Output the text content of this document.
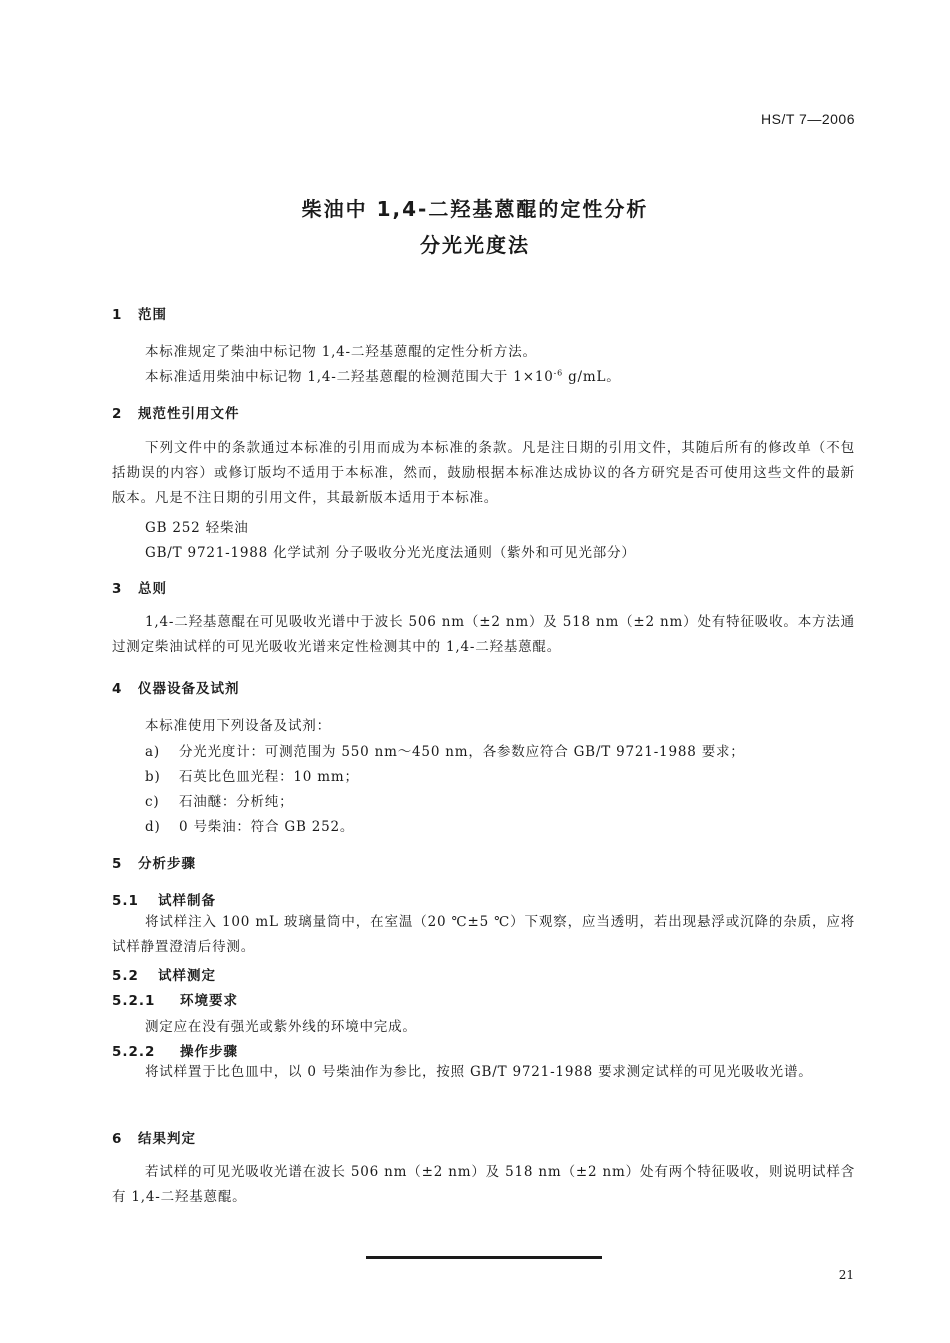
HS/T 7—2006
柴油中 1,4-二羟基蒽醌的定性分析
分光光度法
1 范围
本标准规定了柴油中标记物 1,4-二羟基蒽醌的定性分析方法。
本标准适用柴油中标记物 1,4-二羟基蒽醌的检测范围大于 $1\times 10^{-6}$ g/mL。
2 规范性引用文件
下列文件中的条款通过本标准的引用而成为本标准的条款。凡是注日期的引用文件，其随后所有的修改单（不包括勘误的内容）或修订版均不适用于本标准，然而，鼓励根据本标准达成协议的各方研究是否可使用这些文件的最新版本。凡是不注日期的引用文件，其最新版本适用于本标准。
GB 252 轻柴油
GB/T 9721-1988 化学试剂 分子吸收分光光度法通则（紫外和可见光部分）
3 总则
1,4-二羟基蒽醌在可见吸收光谱中于波长 506 nm（±2 nm）及 518 nm（±2 nm）处有特征吸收。本方法通过测定柴油试样的可见光吸收光谱来定性检测其中的 1,4-二羟基蒽醌。
4 仪器设备及试剂
本标准使用下列设备及试剂：
a) 分光光度计：可测范围为 550 nm～450 nm，各参数应符合 GB/T 9721-1988 要求；
b) 石英比色皿光程：10 mm；
c) 石油醚：分析纯；
d) 0 号柴油：符合 GB 252。
5 分析步骤
5.1 试样制备
将试样注入 100 mL 玻璃量筒中，在室温（20 ℃±5 ℃）下观察，应当透明，若出现悬浮或沉降的杂质，应将试样静置澄清后待测。
5.2 试样测定
5.2.1 环境要求
测定应在没有强光或紫外线的环境中完成。
5.2.2 操作步骤
将试样置于比色皿中，以 0 号柴油作为参比，按照 GB/T 9721-1988 要求测定试样的可见光吸收光谱。
6 结果判定
若试样的可见光吸收光谱在波长 506 nm（±2 nm）及 518 nm（±2 nm）处有两个特征吸收，则说明试样含有 1,4-二羟基蒽醌。
21
